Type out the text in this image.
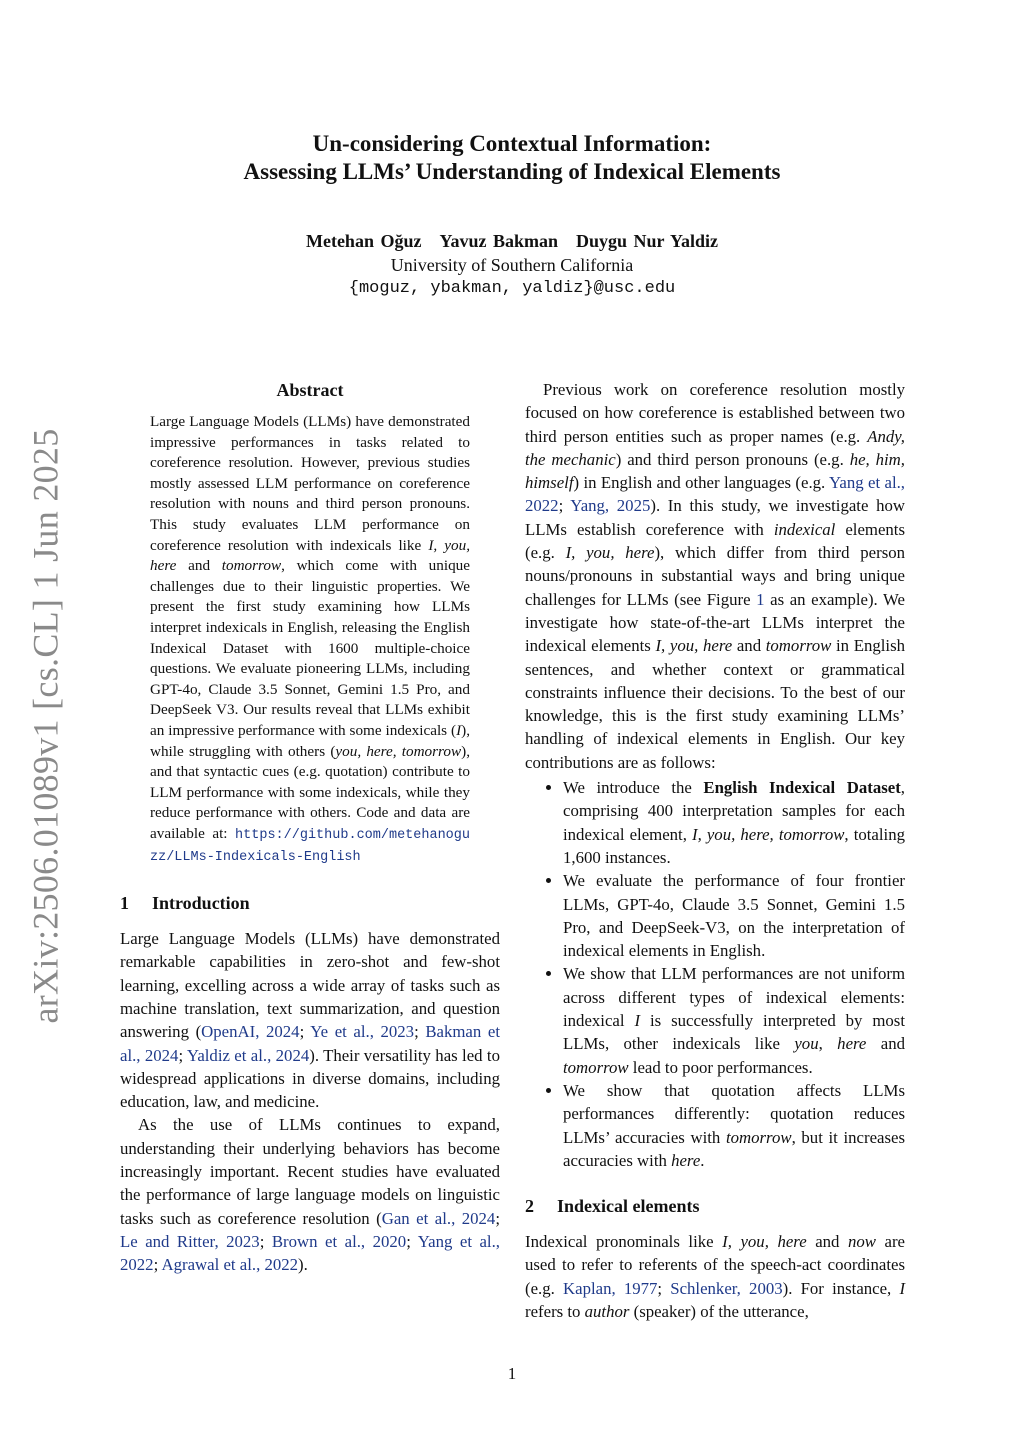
arXiv:2506.01089v1 [cs.CL] 1 Jun 2025
Un-considering Contextual Information:
Assessing LLMs’ Understanding of Indexical Elements
Metehan Oğuz Yavuz Bakman Duygu Nur Yaldiz
University of Southern California
{moguz, ybakman, yaldiz}@usc.edu
Abstract
Large Language Models (LLMs) have demonstrated impressive performances in tasks related to coreference resolution. However, previous studies mostly assessed LLM performance on coreference resolution with nouns and third person pronouns. This study evaluates LLM performance on coreference resolution with indexicals like I, you, here and tomorrow, which come with unique challenges due to their linguistic properties. We present the first study examining how LLMs interpret indexicals in English, releasing the English Indexical Dataset with 1600 multiple-choice questions. We evaluate pioneering LLMs, including GPT-4o, Claude 3.5 Sonnet, Gemini 1.5 Pro, and DeepSeek V3. Our results reveal that LLMs exhibit an impressive performance with some indexicals (I), while struggling with others (you, here, tomorrow), and that syntactic cues (e.g. quotation) contribute to LLM performance with some indexicals, while they reduce performance with others. Code and data are available at: https://github.com/metehanoguzz/LLMs-Indexicals-English
1 Introduction

Large Language Models (LLMs) have demonstrated remarkable capabilities in zero-shot and few-shot learning, excelling across a wide array of tasks such as machine translation, text summarization, and question answering (OpenAI, 2024; Ye et al., 2023; Bakman et al., 2024; Yaldiz et al., 2024). Their versatility has led to widespread applications in diverse domains, including education, law, and medicine.

As the use of LLMs continues to expand, understanding their underlying behaviors has become increasingly important. Recent studies have evaluated the performance of large language models on linguistic tasks such as coreference resolution (Gan et al., 2024; Le and Ritter, 2023; Brown et al., 2020; Yang et al., 2022; Agrawal et al., 2022).

Previous work on coreference resolution mostly focused on how coreference is established between two third person entities such as proper names (e.g. Andy, the mechanic) and third person pronouns (e.g. he, him, himself) in English and other languages (e.g. Yang et al., 2022; Yang, 2025). In this study, we investigate how LLMs establish coreference with indexical elements (e.g. I, you, here), which differ from third person nouns/pronouns in substantial ways and bring unique challenges for LLMs (see Figure 1 as an example). We investigate how state-of-the-art LLMs interpret the indexical elements I, you, here and tomorrow in English sentences, and whether context or grammatical constraints influence their decisions. To the best of our knowledge, this is the first study examining LLMs’ handling of indexical elements in English. Our key contributions are as follows:

• We introduce the English Indexical Dataset, comprising 400 interpretation samples for each indexical element, I, you, here, tomorrow, totaling 1,600 instances.
• We evaluate the performance of four frontier LLMs, GPT-4o, Claude 3.5 Sonnet, Gemini 1.5 Pro, and DeepSeek-V3, on the interpretation of indexical elements in English.
• We show that LLM performances are not uniform across different types of indexical elements: indexical I is successfully interpreted by most LLMs, other indexicals like you, here and tomorrow lead to poor performances.
• We show that quotation affects LLMs performances differently: quotation reduces LLMs’ accuracies with tomorrow, but it increases accuracies with here.
2 Indexical elements

Indexical pronominals like I, you, here and now are used to refer to referents of the speech-act coordinates (e.g. Kaplan, 1977; Schlenker, 2003). For instance, I refers to author (speaker) of the utterance,

1
